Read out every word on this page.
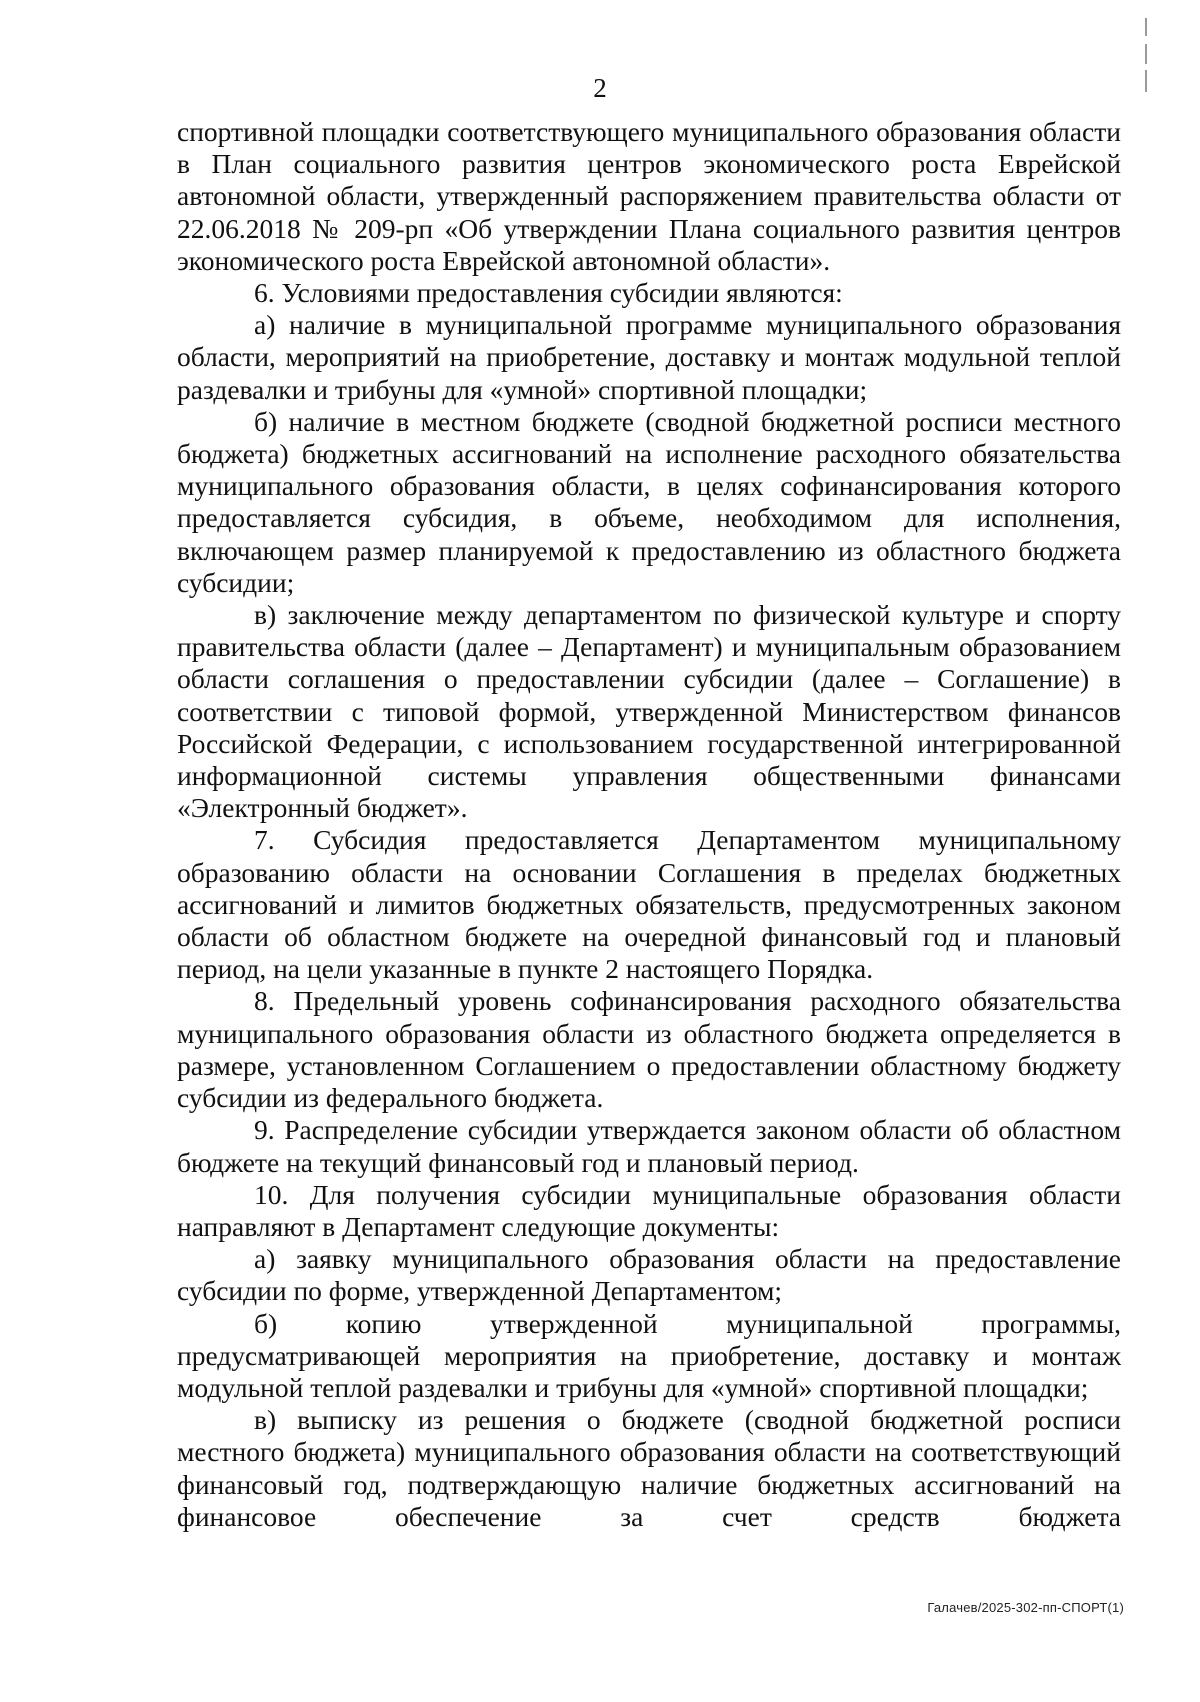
2

спортивной площадки соответствующего муниципального образования области в План социального развития центров экономического роста Еврейской автономной области, утвержденный распоряжением правительства области от 22.06.2018 № 209-рп «Об утверждении Плана социального развития центров экономического роста Еврейской автономной области».

6. Условиями предоставления субсидии являются:

а) наличие в муниципальной программе муниципального образования области, мероприятий на приобретение, доставку и монтаж модульной теплой раздевалки и трибуны для «умной» спортивной площадки;

б) наличие в местном бюджете (сводной бюджетной росписи местного бюджета) бюджетных ассигнований на исполнение расходного обязательства муниципального образования области, в целях софинансирования которого предоставляется субсидия, в объеме, необходимом для исполнения, включающем размер планируемой к предоставлению из областного бюджета субсидии;

в) заключение между департаментом по физической культуре и спорту правительства области (далее – Департамент) и муниципальным образованием области соглашения о предоставлении субсидии (далее – Соглашение) в соответствии с типовой формой, утвержденной Министерством финансов Российской Федерации, с использованием государственной интегрированной информационной системы управления общественными финансами «Электронный бюджет».

7. Субсидия предоставляется Департаментом муниципальному образованию области на основании Соглашения в пределах бюджетных ассигнований и лимитов бюджетных обязательств, предусмотренных законом области об областном бюджете на очередной финансовый год и плановый период, на цели указанные в пункте 2 настоящего Порядка.

8. Предельный уровень софинансирования расходного обязательства муниципального образования области из областного бюджета определяется в размере, установленном Соглашением о предоставлении областному бюджету субсидии из федерального бюджета.

9. Распределение субсидии утверждается законом области об областном бюджете на текущий финансовый год и плановый период.

10. Для получения субсидии муниципальные образования области направляют в Департамент следующие документы:

а) заявку муниципального образования области на предоставление субсидии по форме, утвержденной Департаментом;

б) копию утвержденной муниципальной программы, предусматривающей мероприятия на приобретение, доставку и монтаж модульной теплой раздевалки и трибуны для «умной» спортивной площадки;

в) выписку из решения о бюджете (сводной бюджетной росписи местного бюджета) муниципального образования области на соответствующий финансовый год, подтверждающую наличие бюджетных ассигнований на финансовое обеспечение за счет средств бюджета

Галачев/2025-302-пп-СПОРТ(1)
